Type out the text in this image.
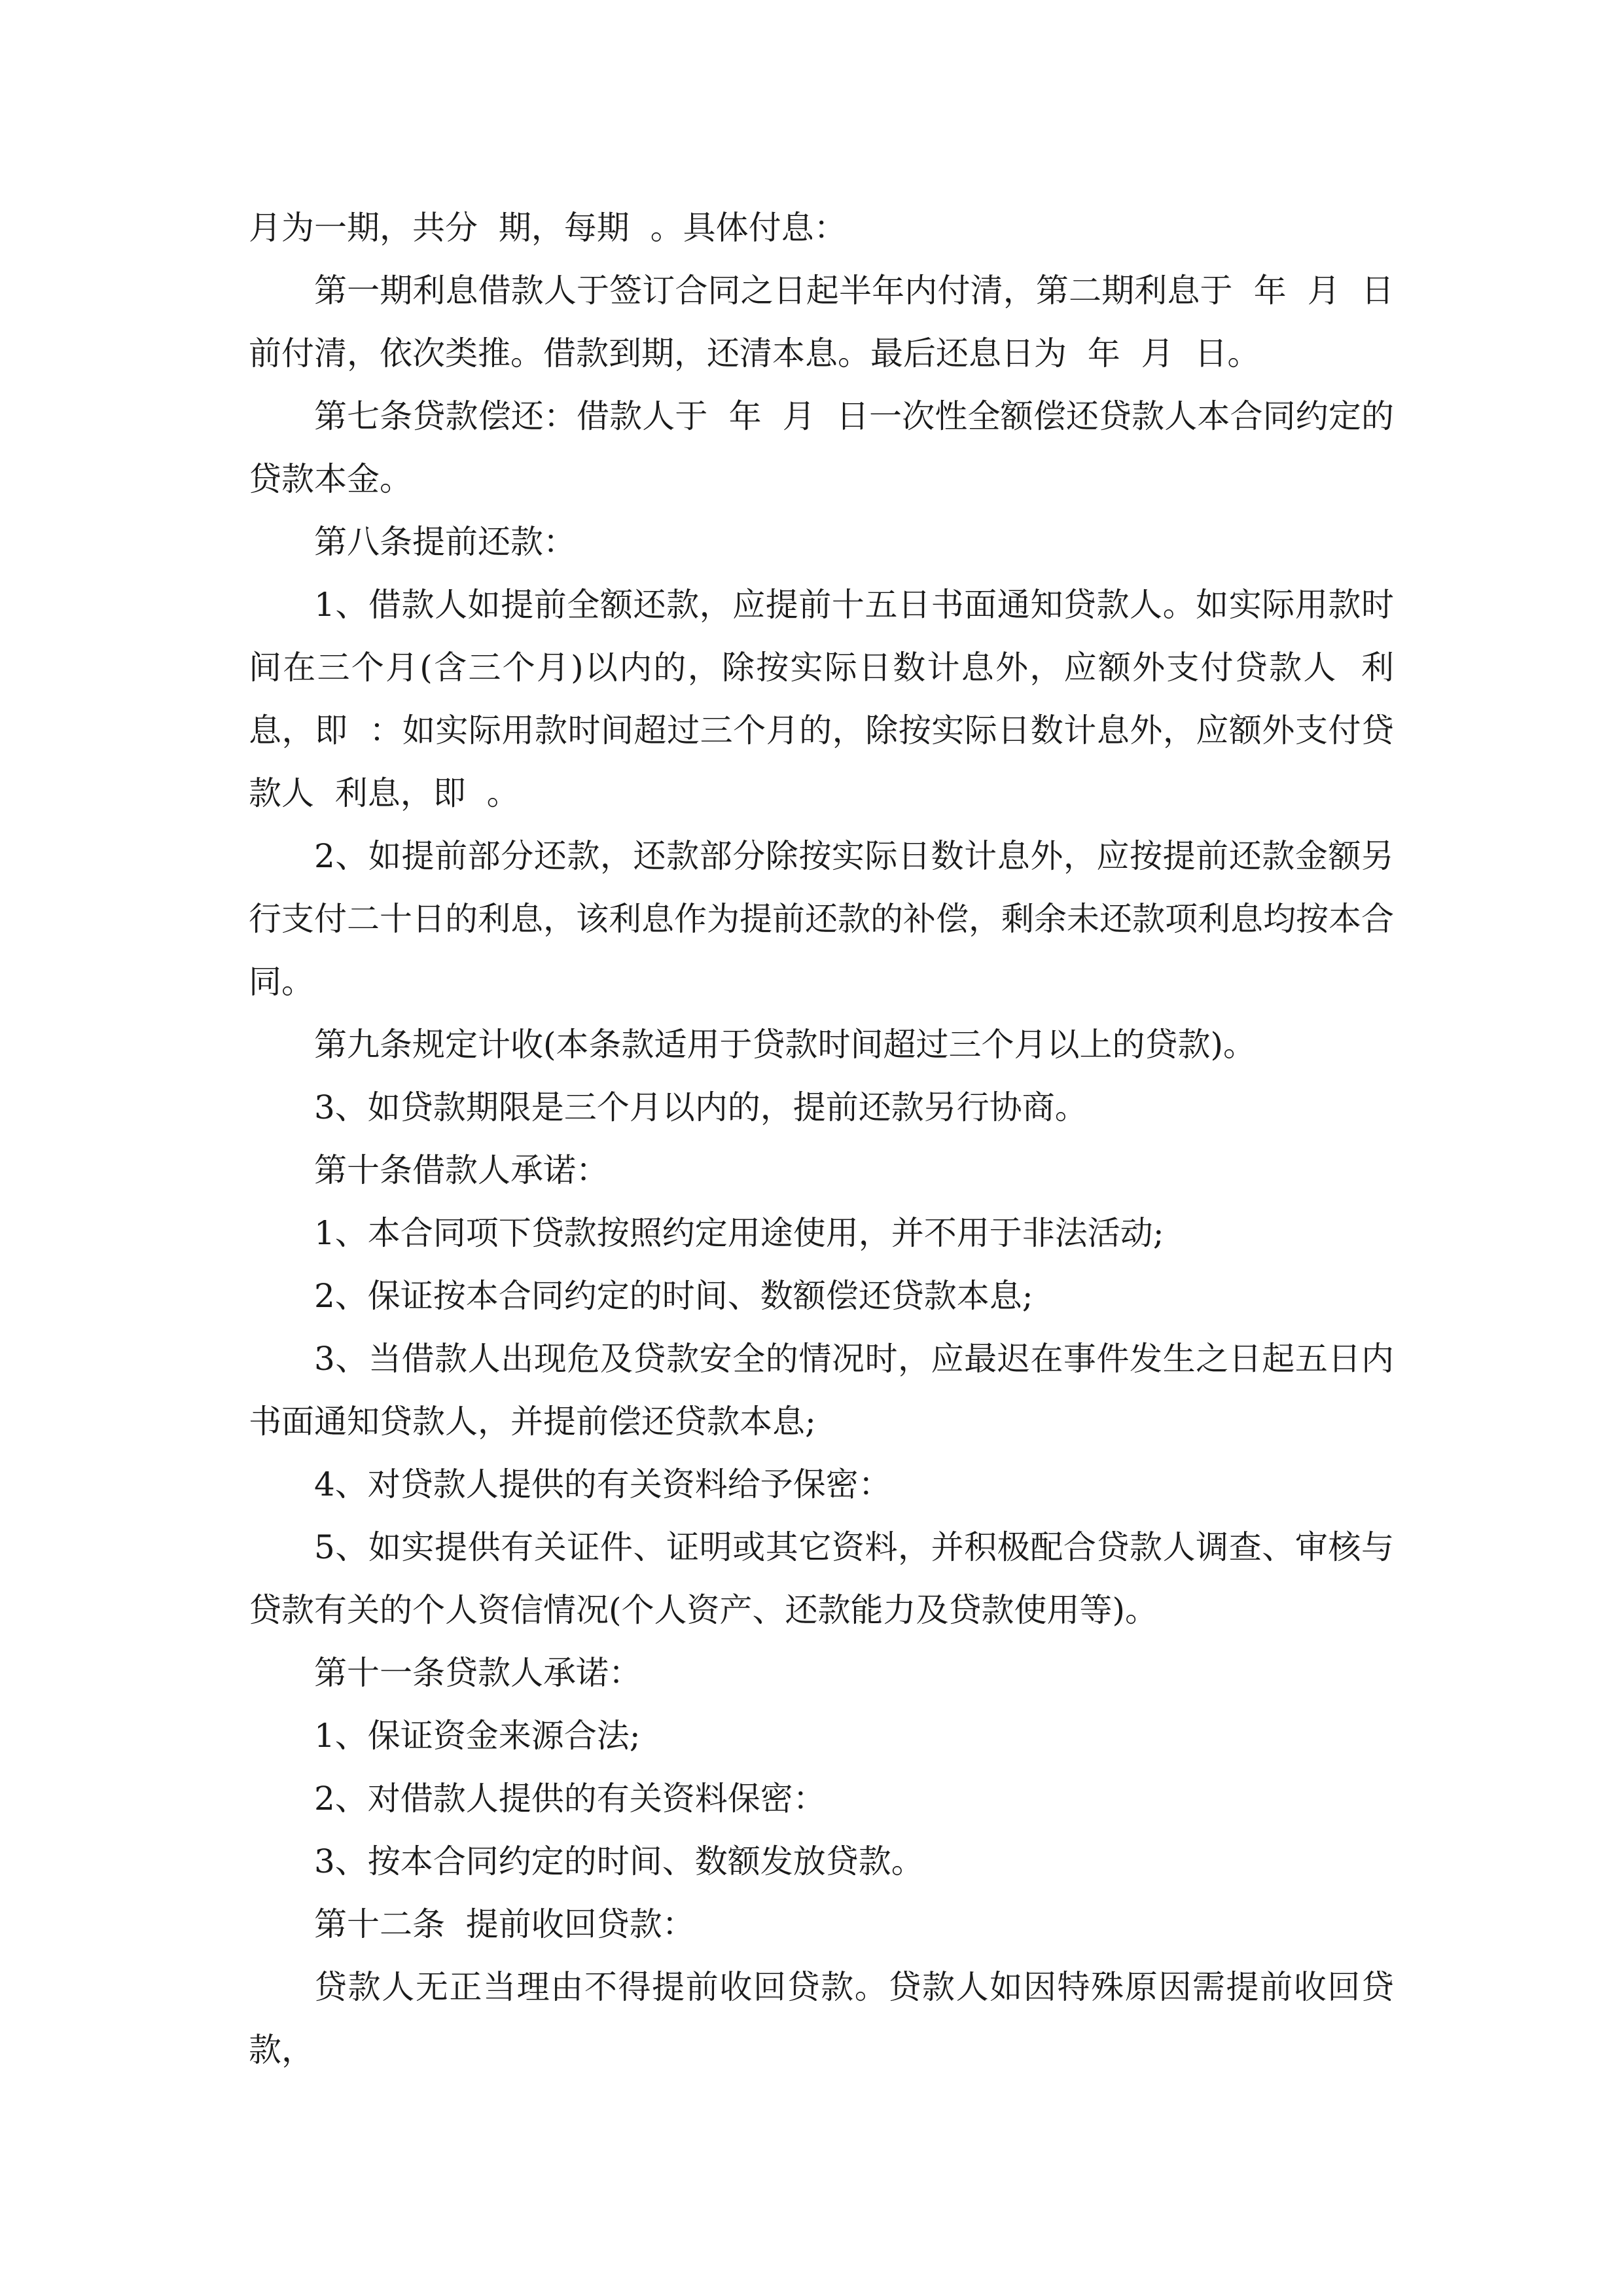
月为一期，共分  期，每期  。具体付息：

第一期利息借款人于签订合同之日起半年内付清，第二期利息于  年  月  日前付清，依次类推。借款到期，还清本息。最后还息日为  年  月  日。

第七条贷款偿还：借款人于  年  月  日一次性全额偿还贷款人本合同约定的贷款本金。

第八条提前还款：

1、借款人如提前全额还款，应提前十五日书面通知贷款人。如实际用款时间在三个月(含三个月)以内的，除按实际日数计息外，应额外支付贷款人  利息，即  ：如实际用款时间超过三个月的，除按实际日数计息外，应额外支付贷款人  利息，即  。

2、如提前部分还款，还款部分除按实际日数计息外，应按提前还款金额另行支付二十日的利息，该利息作为提前还款的补偿，剩余未还款项利息均按本合同。

第九条规定计收(本条款适用于贷款时间超过三个月以上的贷款)。

3、如贷款期限是三个月以内的，提前还款另行协商。

第十条借款人承诺：

1、本合同项下贷款按照约定用途使用，并不用于非法活动;

2、保证按本合同约定的时间、数额偿还贷款本息;

3、当借款人出现危及贷款安全的情况时，应最迟在事件发生之日起五日内书面通知贷款人，并提前偿还贷款本息;

4、对贷款人提供的有关资料给予保密：

5、如实提供有关证件、证明或其它资料，并积极配合贷款人调查、审核与贷款有关的个人资信情况(个人资产、还款能力及贷款使用等)。

第十一条贷款人承诺：

1、保证资金来源合法;

2、对借款人提供的有关资料保密：

3、按本合同约定的时间、数额发放贷款。

第十二条  提前收回贷款：

贷款人无正当理由不得提前收回贷款。贷款人如因特殊原因需提前收回贷款，
